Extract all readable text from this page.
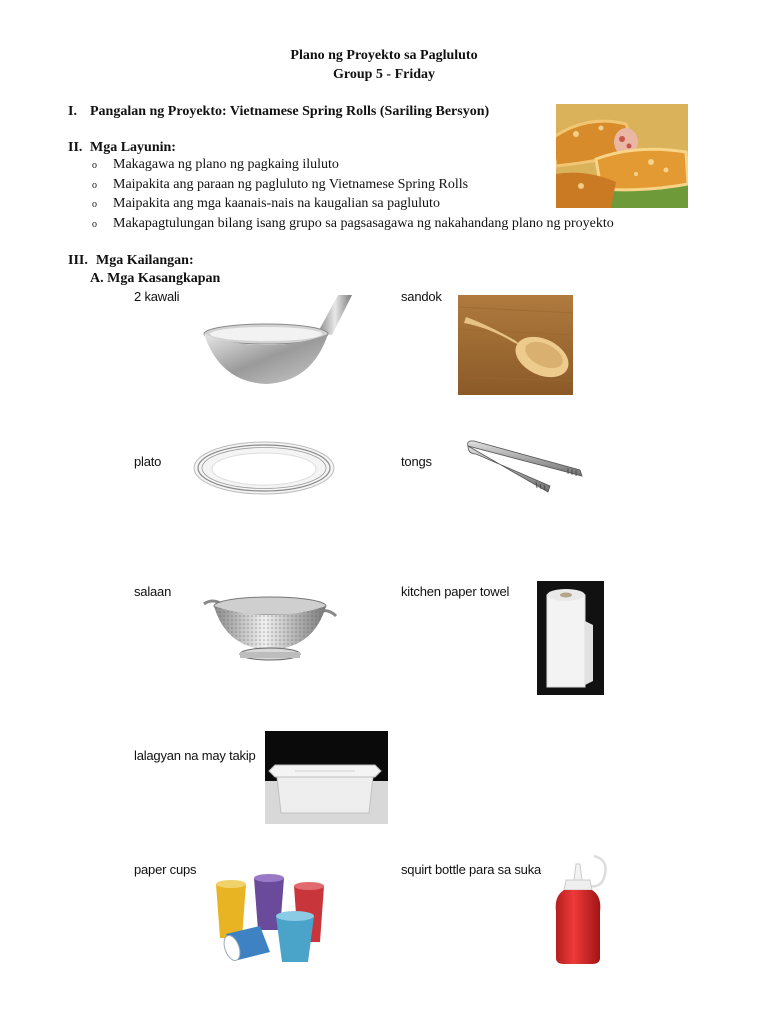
Plano ng Proyekto sa Pagluluto
Group 5 - Friday
I. Pangalan ng Proyekto: Vietnamese Spring Rolls (Sariling Bersyon)
II. Mga Layunin:
o Makagawa ng plano ng pagkaing iluluto
o Maipakita ang paraan ng pagluluto ng Vietnamese Spring Rolls
o Maipakita ang mga kaanais-nais na kaugalian sa pagluluto
o Makapagtulungan bilang isang grupo sa pagsasagawa ng nakahandang plano ng proyekto
III. Mga Kailangan:
A. Mga Kasangkapan
2 kawali	sandok
plato	tongs
salaan	kitchen paper towel
lalagyan na may takip
paper cups	squirt bottle para sa suka
